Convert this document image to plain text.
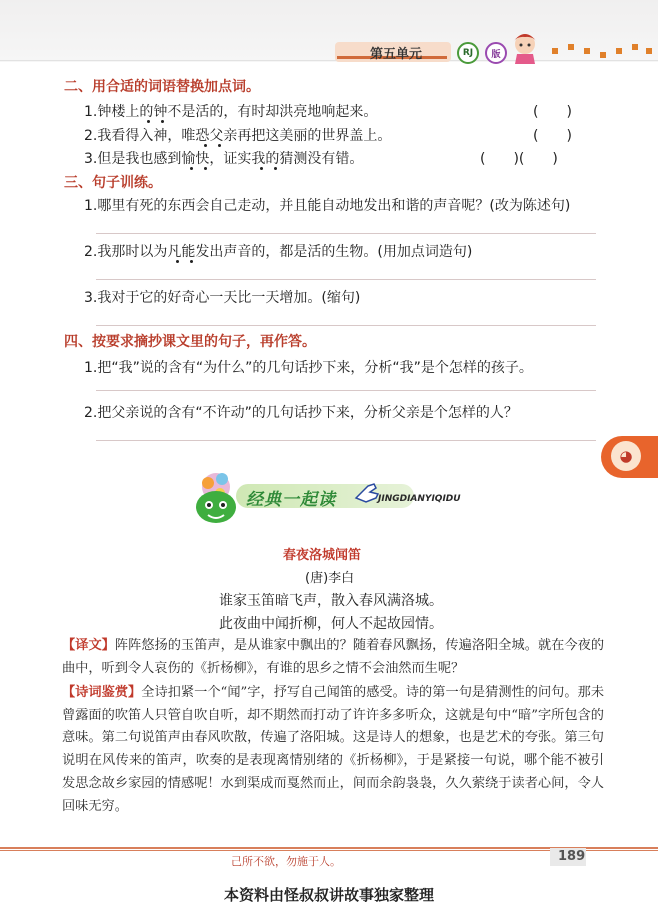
第五单元	RJ	版
二、用合适的词语替换加点词。
1.钟楼上的钟不是活的，有时却洪亮地响起来。	(　　)
2.我看得入神，唯恐父亲再把这美丽的世界盖上。	(　　)
3.但是我也感到愉快，证实我的猜测没有错。	(　　)(　　)
三、句子训练。
1.哪里有死的东西会自己走动，并且能自动地发出和谐的声音呢？(改为陈述句)
2.我那时以为凡能发出声音的，都是活的生物。(用加点词造句)
3.我对于它的好奇心一天比一天增加。(缩句)
四、按要求摘抄课文里的句子，再作答。
1.把“我”说的含有“为什么”的几句话抄下来，分析“我”是个怎样的孩子。
2.把父亲说的含有“不许动”的几句话抄下来，分析父亲是个怎样的人？
◕
经典一起读	JINGDIANYIQIDU
春夜洛城闻笛
(唐)李白
谁家玉笛暗飞声，散入春风满洛城。
此夜曲中闻折柳，何人不起故园情。
【译文】阵阵悠扬的玉笛声，是从谁家中飘出的？随着春风飘扬，传遍洛阳全城。就在今夜的曲中，听到令人哀伤的《折杨柳》，有谁的思乡之情不会油然而生呢？
【诗词鉴赏】全诗扣紧一个“闻”字，抒写自己闻笛的感受。诗的第一句是猜测性的问句。那未曾露面的吹笛人只管自吹自听，却不期然而打动了许许多多听众，这就是句中“暗”字所包含的意味。第二句说笛声由春风吹散，传遍了洛阳城。这是诗人的想象，也是艺术的夸张。第三句说明在风传来的笛声，吹奏的是表现离情别绪的《折杨柳》，于是紧接一句说，哪个能不被引发思念故乡家园的情感呢！水到渠成而戛然而止，间而余韵袅袅，久久萦绕于读者心间，令人回味无穷。
己所不欲，勿施于人。	189
本资料由怪叔叔讲故事独家整理
